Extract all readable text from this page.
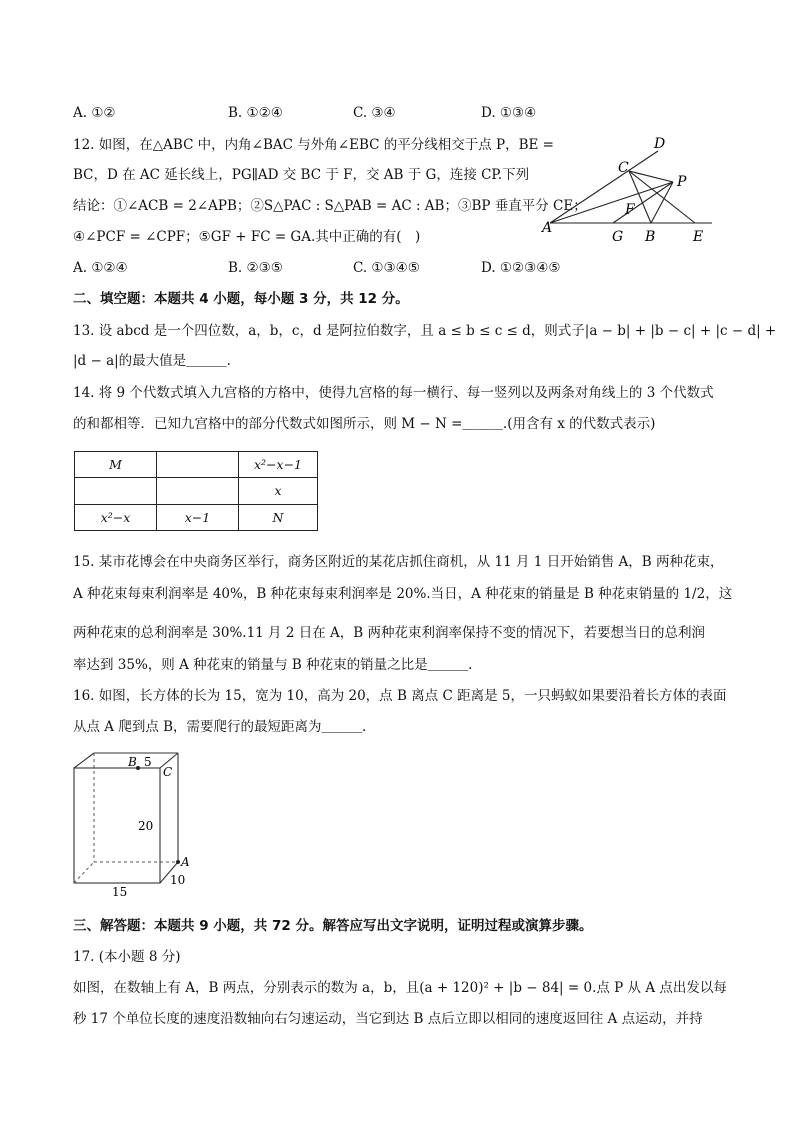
A. ①②	B. ①②④	C. ③④	D. ①③④
12. 如图，在△ABC 中，内角∠BAC 与外角∠EBC 的平分线相交于点 P，BE =
BC，D 在 AC 延长线上，PG∥AD 交 BC 于 F，交 AB 于 G，连接 CP.下列
结论：①∠ACB = 2∠APB；②S△PAC : S△PAB = AC : AB；③BP 垂直平分 CE；
④∠PCF = ∠CPF；⑤GF + FC = GA.其中正确的有(　)
D
C
P
F
A
G B	E
A. ①②④	B. ②③⑤	C. ①③④⑤	D. ①②③④⑤
二、填空题：本题共 4 小题，每小题 3 分，共 12 分。
13. 设 abcd 是一个四位数，a，b，c，d 是阿拉伯数字，且 a ≤ b ≤ c ≤ d，则式子|a − b| + |b − c| + |c − d| +
|d − a|的最大值是＿＿＿.
14. 将 9 个代数式填入九宫格的方格中，使得九宫格的每一横行、每一竖列以及两条对角线上的 3 个代数式
的和都相等．已知九宫格中的部分代数式如图所示，则 M − N =＿＿＿.(用含有 x 的代数式表示)
M		x²−x−1
		x
x²−x	x−1	N
15. 某市花博会在中央商务区举行，商务区附近的某花店抓住商机，从 11 月 1 日开始销售 A，B 两种花束，
A 种花束每束利润率是 40%，B 种花束每束利润率是 20%.当日，A 种花束的销量是 B 种花束销量的 1/2，这
两种花束的总利润率是 30%.11 月 2 日在 A，B 两种花束利润率保持不变的情况下，若要想当日的总利润
率达到 35%，则 A 种花束的销量与 B 种花束的销量之比是＿＿＿.
16. 如图，长方体的长为 15，宽为 10，高为 20，点 B 离点 C 距离是 5，一只蚂蚁如果要沿着长方体的表面
从点 A 爬到点 B，需要爬行的最短距离为＿＿＿.
B 5
C
20
A
10
15
三、解答题：本题共 9 小题，共 72 分。解答应写出文字说明，证明过程或演算步骤。
17. (本小题 8 分)
如图，在数轴上有 A，B 两点，分别表示的数为 a，b，且(a + 120)² + |b − 84| = 0.点 P 从 A 点出发以每
秒 17 个单位长度的速度沿数轴向右匀速运动，当它到达 B 点后立即以相同的速度返回往 A 点运动，并持
